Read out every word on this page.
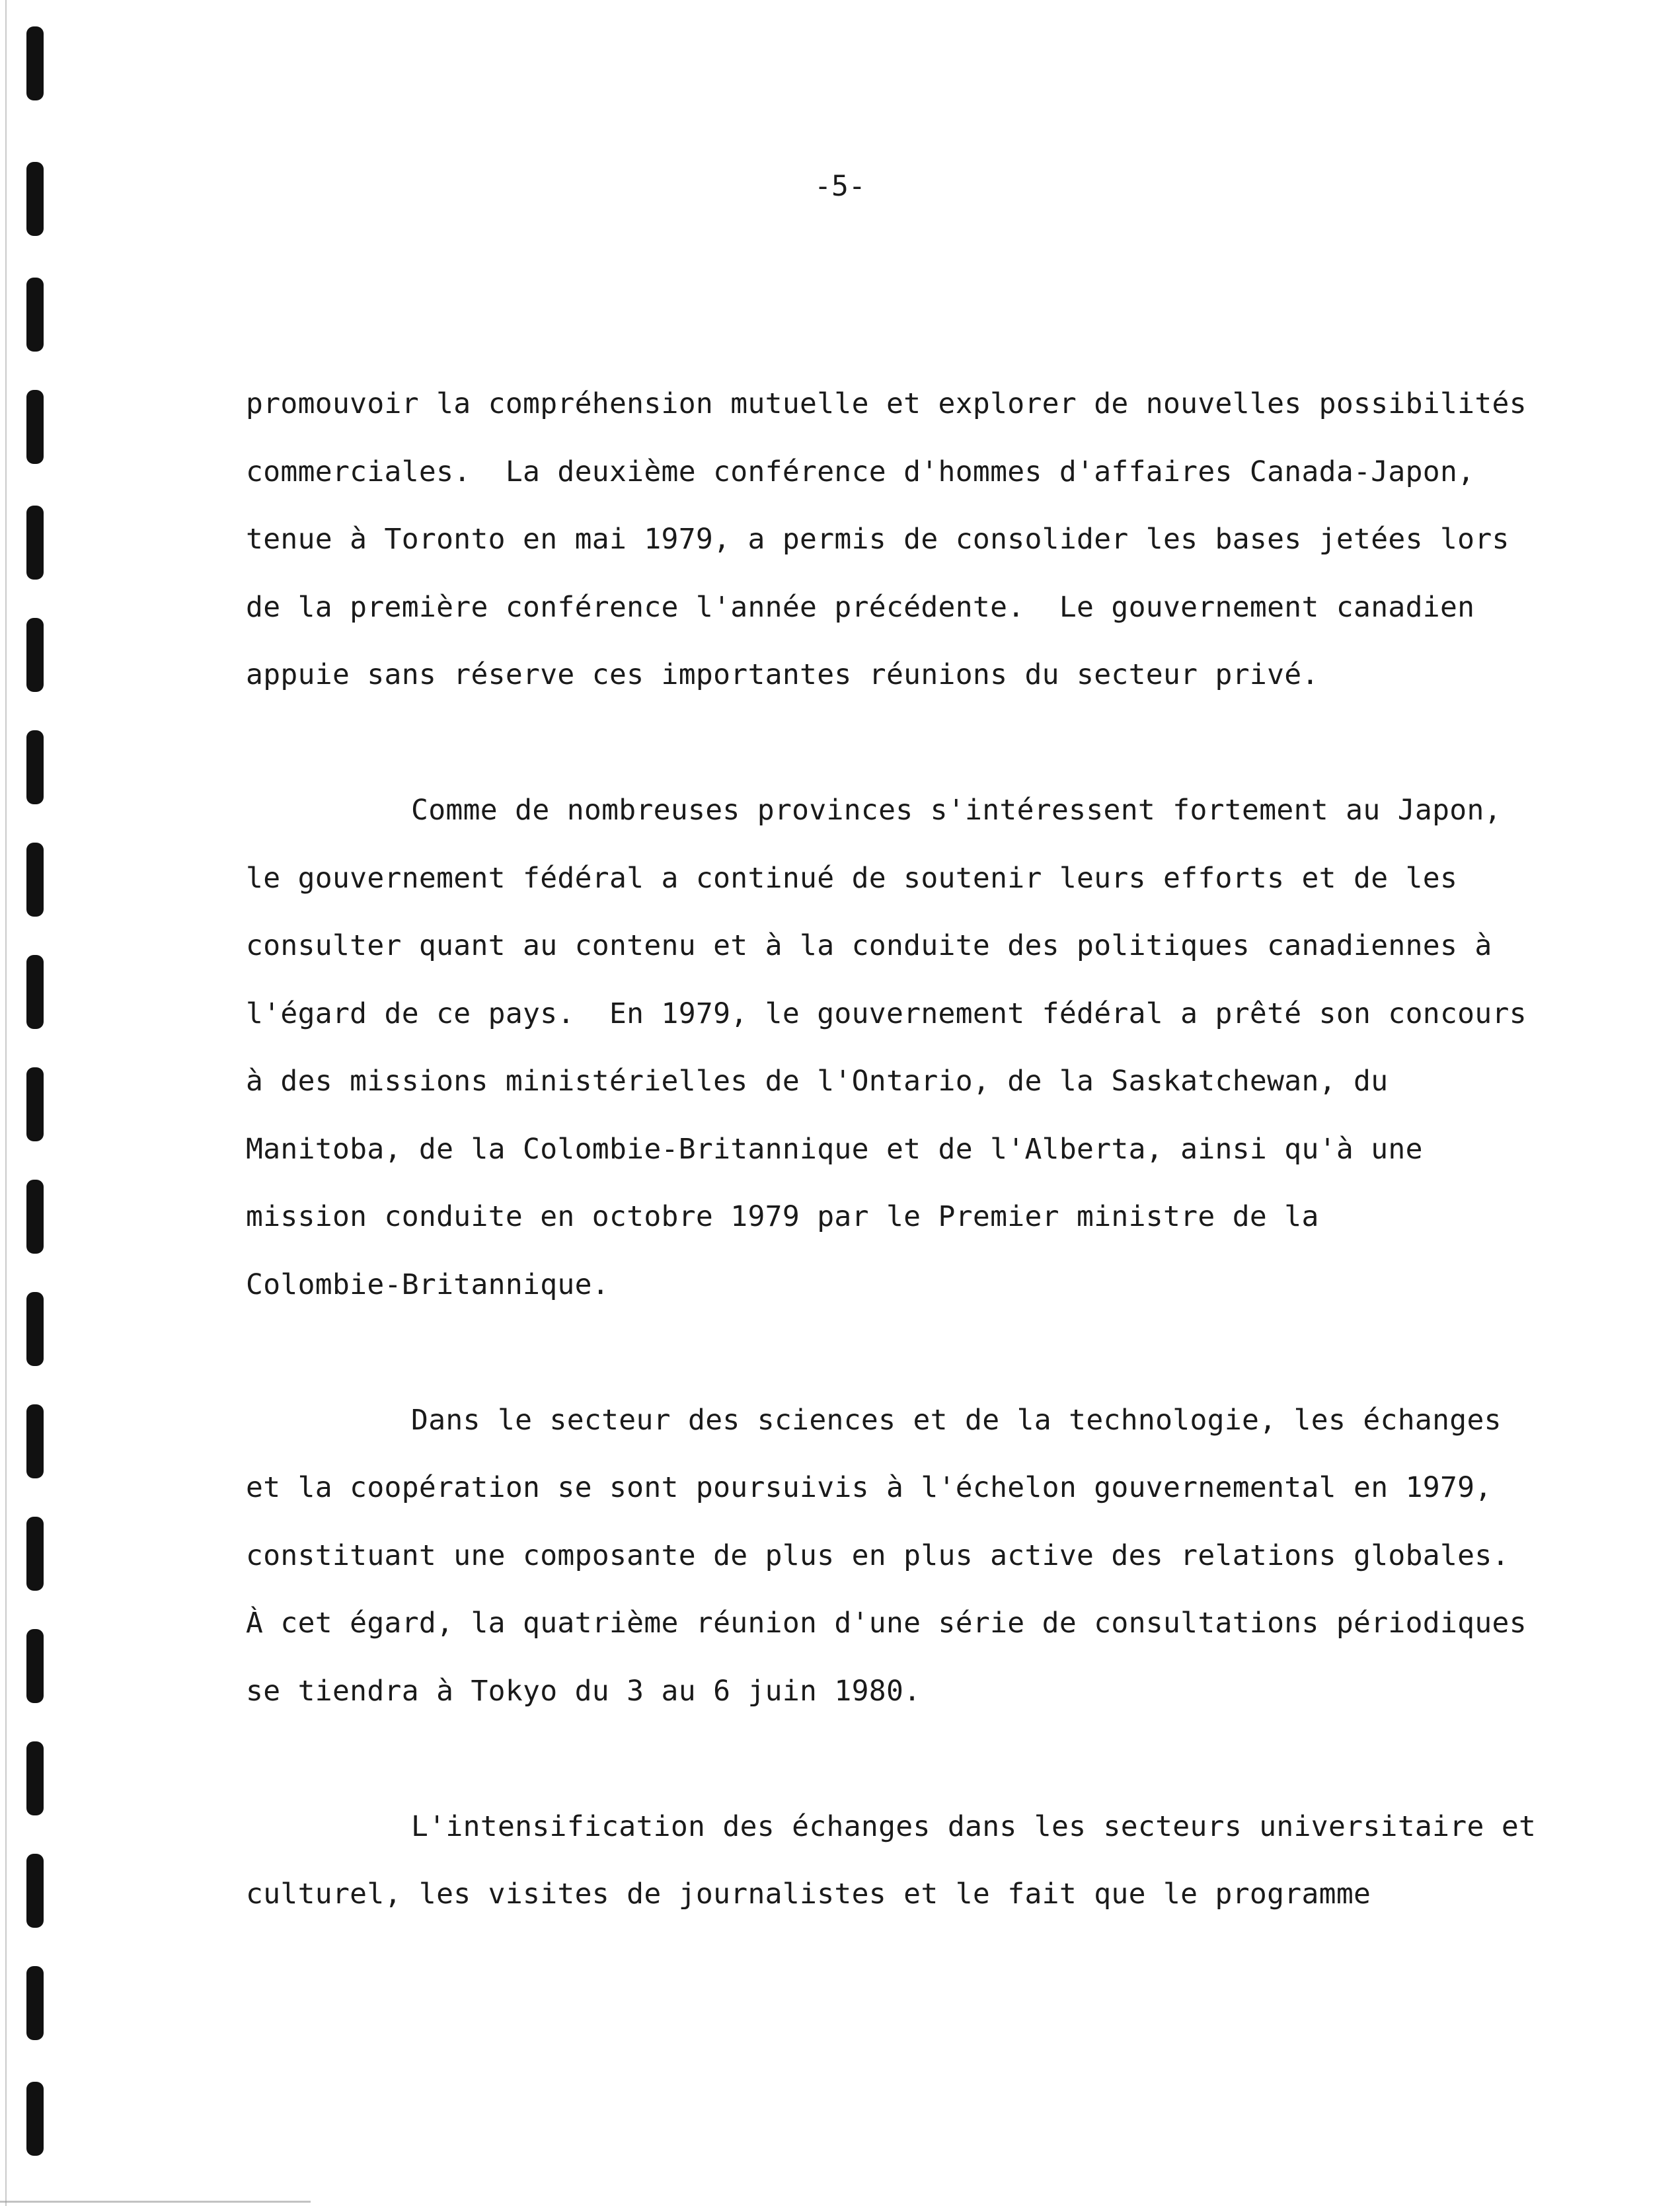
-5-

promouvoir la compréhension mutuelle et explorer de nouvelles possibilités
commerciales.  La deuxième conférence d'hommes d'affaires Canada-Japon,
tenue à Toronto en mai 1979, a permis de consolider les bases jetées lors
de la première conférence l'année précédente.  Le gouvernement canadien
appuie sans réserve ces importantes réunions du secteur privé.

Comme de nombreuses provinces s'intéressent fortement au Japon,
le gouvernement fédéral a continué de soutenir leurs efforts et de les
consulter quant au contenu et à la conduite des politiques canadiennes à
l'égard de ce pays.  En 1979, le gouvernement fédéral a prêté son concours
à des missions ministérielles de l'Ontario, de la Saskatchewan, du
Manitoba, de la Colombie-Britannique et de l'Alberta, ainsi qu'à une
mission conduite en octobre 1979 par le Premier ministre de la
Colombie-Britannique.

Dans le secteur des sciences et de la technologie, les échanges
et la coopération se sont poursuivis à l'échelon gouvernemental en 1979,
constituant une composante de plus en plus active des relations globales.
À cet égard, la quatrième réunion d'une série de consultations périodiques
se tiendra à Tokyo du 3 au 6 juin 1980.

L'intensification des échanges dans les secteurs universitaire et
culturel, les visites de journalistes et le fait que le programme
